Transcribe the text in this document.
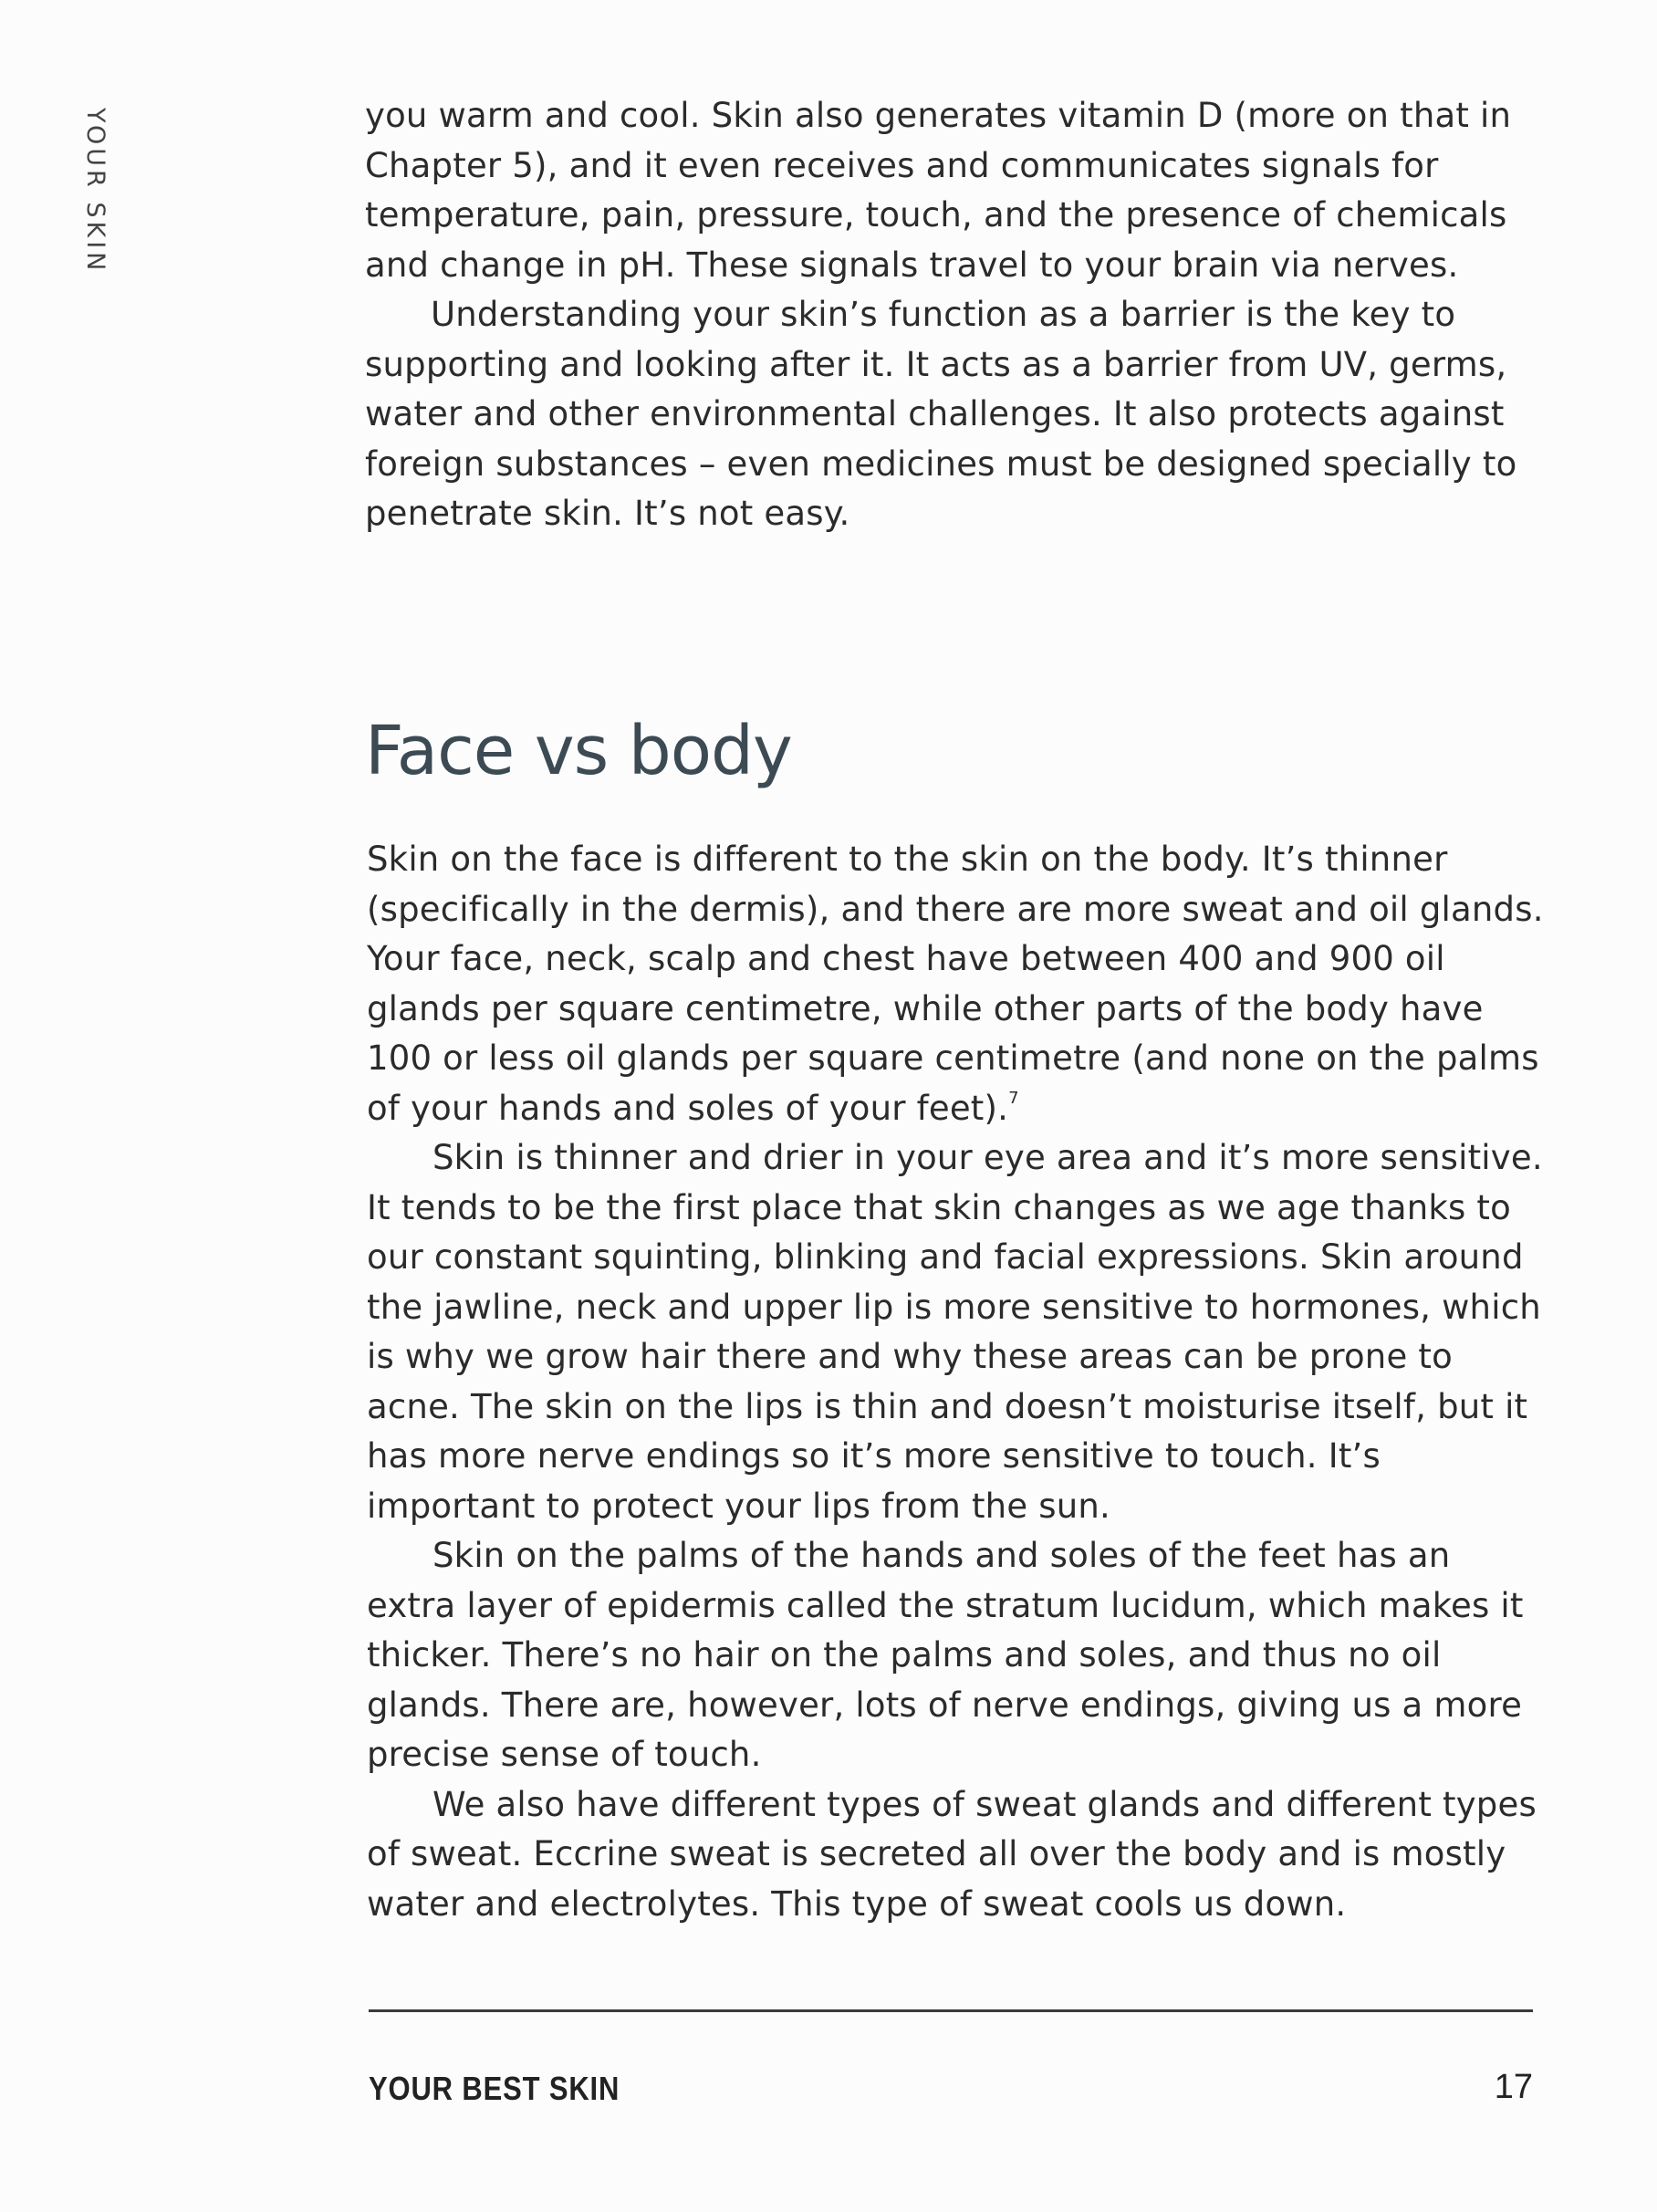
YOUR SKIN	you warm and cool. Skin also generates vitamin D (more on that in Chapter 5), and it even receives and communicates signals for temperature, pain, pressure, touch, and the presence of chemicals and change in pH. These signals travel to your brain via nerves.

Understanding your skin’s function as a barrier is the key to supporting and looking after it. It acts as a barrier from UV, germs, water and other environmental challenges. It also protects against foreign substances – even medicines must be designed specially to penetrate skin. It’s not easy.

Face vs body

Skin on the face is different to the skin on the body. It’s thinner (specifically in the dermis), and there are more sweat and oil glands. Your face, neck, scalp and chest have between 400 and 900 oil glands per square centimetre, while other parts of the body have 100 or less oil glands per square centimetre (and none on the palms of your hands and soles of your feet).$^7$

Skin is thinner and drier in your eye area and it’s more sensitive. It tends to be the first place that skin changes as we age thanks to our constant squinting, blinking and facial expressions. Skin around the jawline, neck and upper lip is more sensitive to hormones, which is why we grow hair there and why these areas can be prone to acne. The skin on the lips is thin and doesn’t moisturise itself, but it has more nerve endings so it’s more sensitive to touch. It’s important to protect your lips from the sun.

Skin on the palms of the hands and soles of the feet has an extra layer of epidermis called the stratum lucidum, which makes it thicker. There’s no hair on the palms and soles, and thus no oil glands. There are, however, lots of nerve endings, giving us a more precise sense of touch.

We also have different types of sweat glands and different types of sweat. Eccrine sweat is secreted all over the body and is mostly water and electrolytes. This type of sweat cools us down.

YOUR BEST SKIN	17
